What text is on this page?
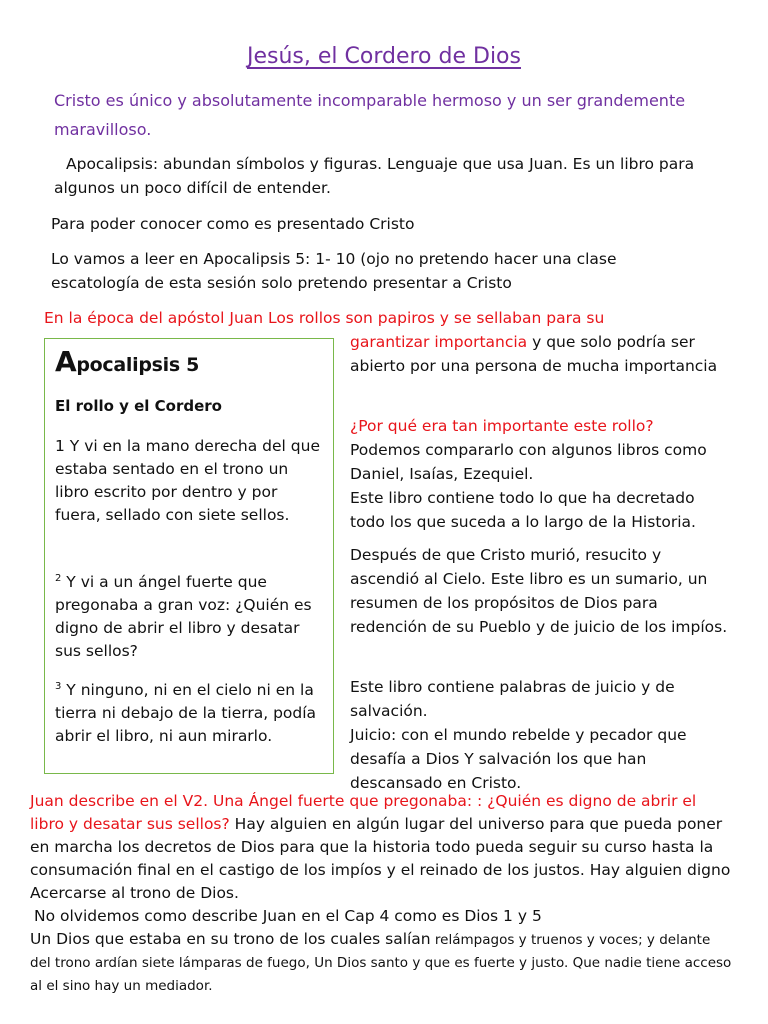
Jesús, el Cordero de Dios
Cristo es único y absolutamente incomparable hermoso y un ser grandemente maravilloso.
Apocalipsis: abundan símbolos y figuras. Lenguaje que usa Juan. Es un libro para algunos un poco difícil de entender.
Para poder conocer como es presentado Cristo
Lo vamos a leer en Apocalipsis 5: 1- 10 (ojo no pretendo hacer una clase escatología de esta sesión solo pretendo presentar a Cristo
En la época del apóstol Juan Los rollos son papiros y se sellaban para su
Apocalipsis 5
El rollo y el Cordero
1 Y vi en la mano derecha del que estaba sentado en el trono un libro escrito por dentro y por fuera, sellado con siete sellos.
$^2$ Y vi a un ángel fuerte que pregonaba a gran voz: ¿Quién es digno de abrir el libro y desatar sus sellos?
$^3$ Y ninguno, ni en el cielo ni en la tierra ni debajo de la tierra, podía abrir el libro, ni aun mirarlo.
garantizar importancia y que solo podría ser abierto por una persona de mucha importancia
¿Por qué era tan importante este rollo?
Podemos compararlo con algunos libros como Daniel, Isaías, Ezequiel.
Este libro contiene todo lo que ha decretado todo los que suceda a lo largo de la Historia.
Después de que Cristo murió, resucito y ascendió al Cielo. Este libro es un sumario, un resumen de los propósitos de Dios para redención de su Pueblo y de juicio de los impíos.
Este libro contiene palabras de juicio y de salvación.
Juicio: con el mundo rebelde y pecador que desafía a Dios Y salvación los que han descansado en Cristo.
Juan describe en el V2. Una Ángel fuerte que pregonaba: : ¿Quién es digno de abrir el libro y desatar sus sellos? Hay alguien en algún lugar del universo para que pueda poner en marcha los decretos de Dios para que la historia todo pueda seguir su curso hasta la consumación final en el castigo de los impíos y el reinado de los justos. Hay alguien digno Acercarse al trono de Dios.
No olvidemos como describe Juan en el Cap 4 como es Dios 1 y 5
Un Dios que estaba en su trono de los cuales salían relámpagos y truenos y voces; y delante del trono ardían siete lámparas de fuego, Un Dios santo y que es fuerte y justo. Que nadie tiene acceso al el sino hay un mediador.
